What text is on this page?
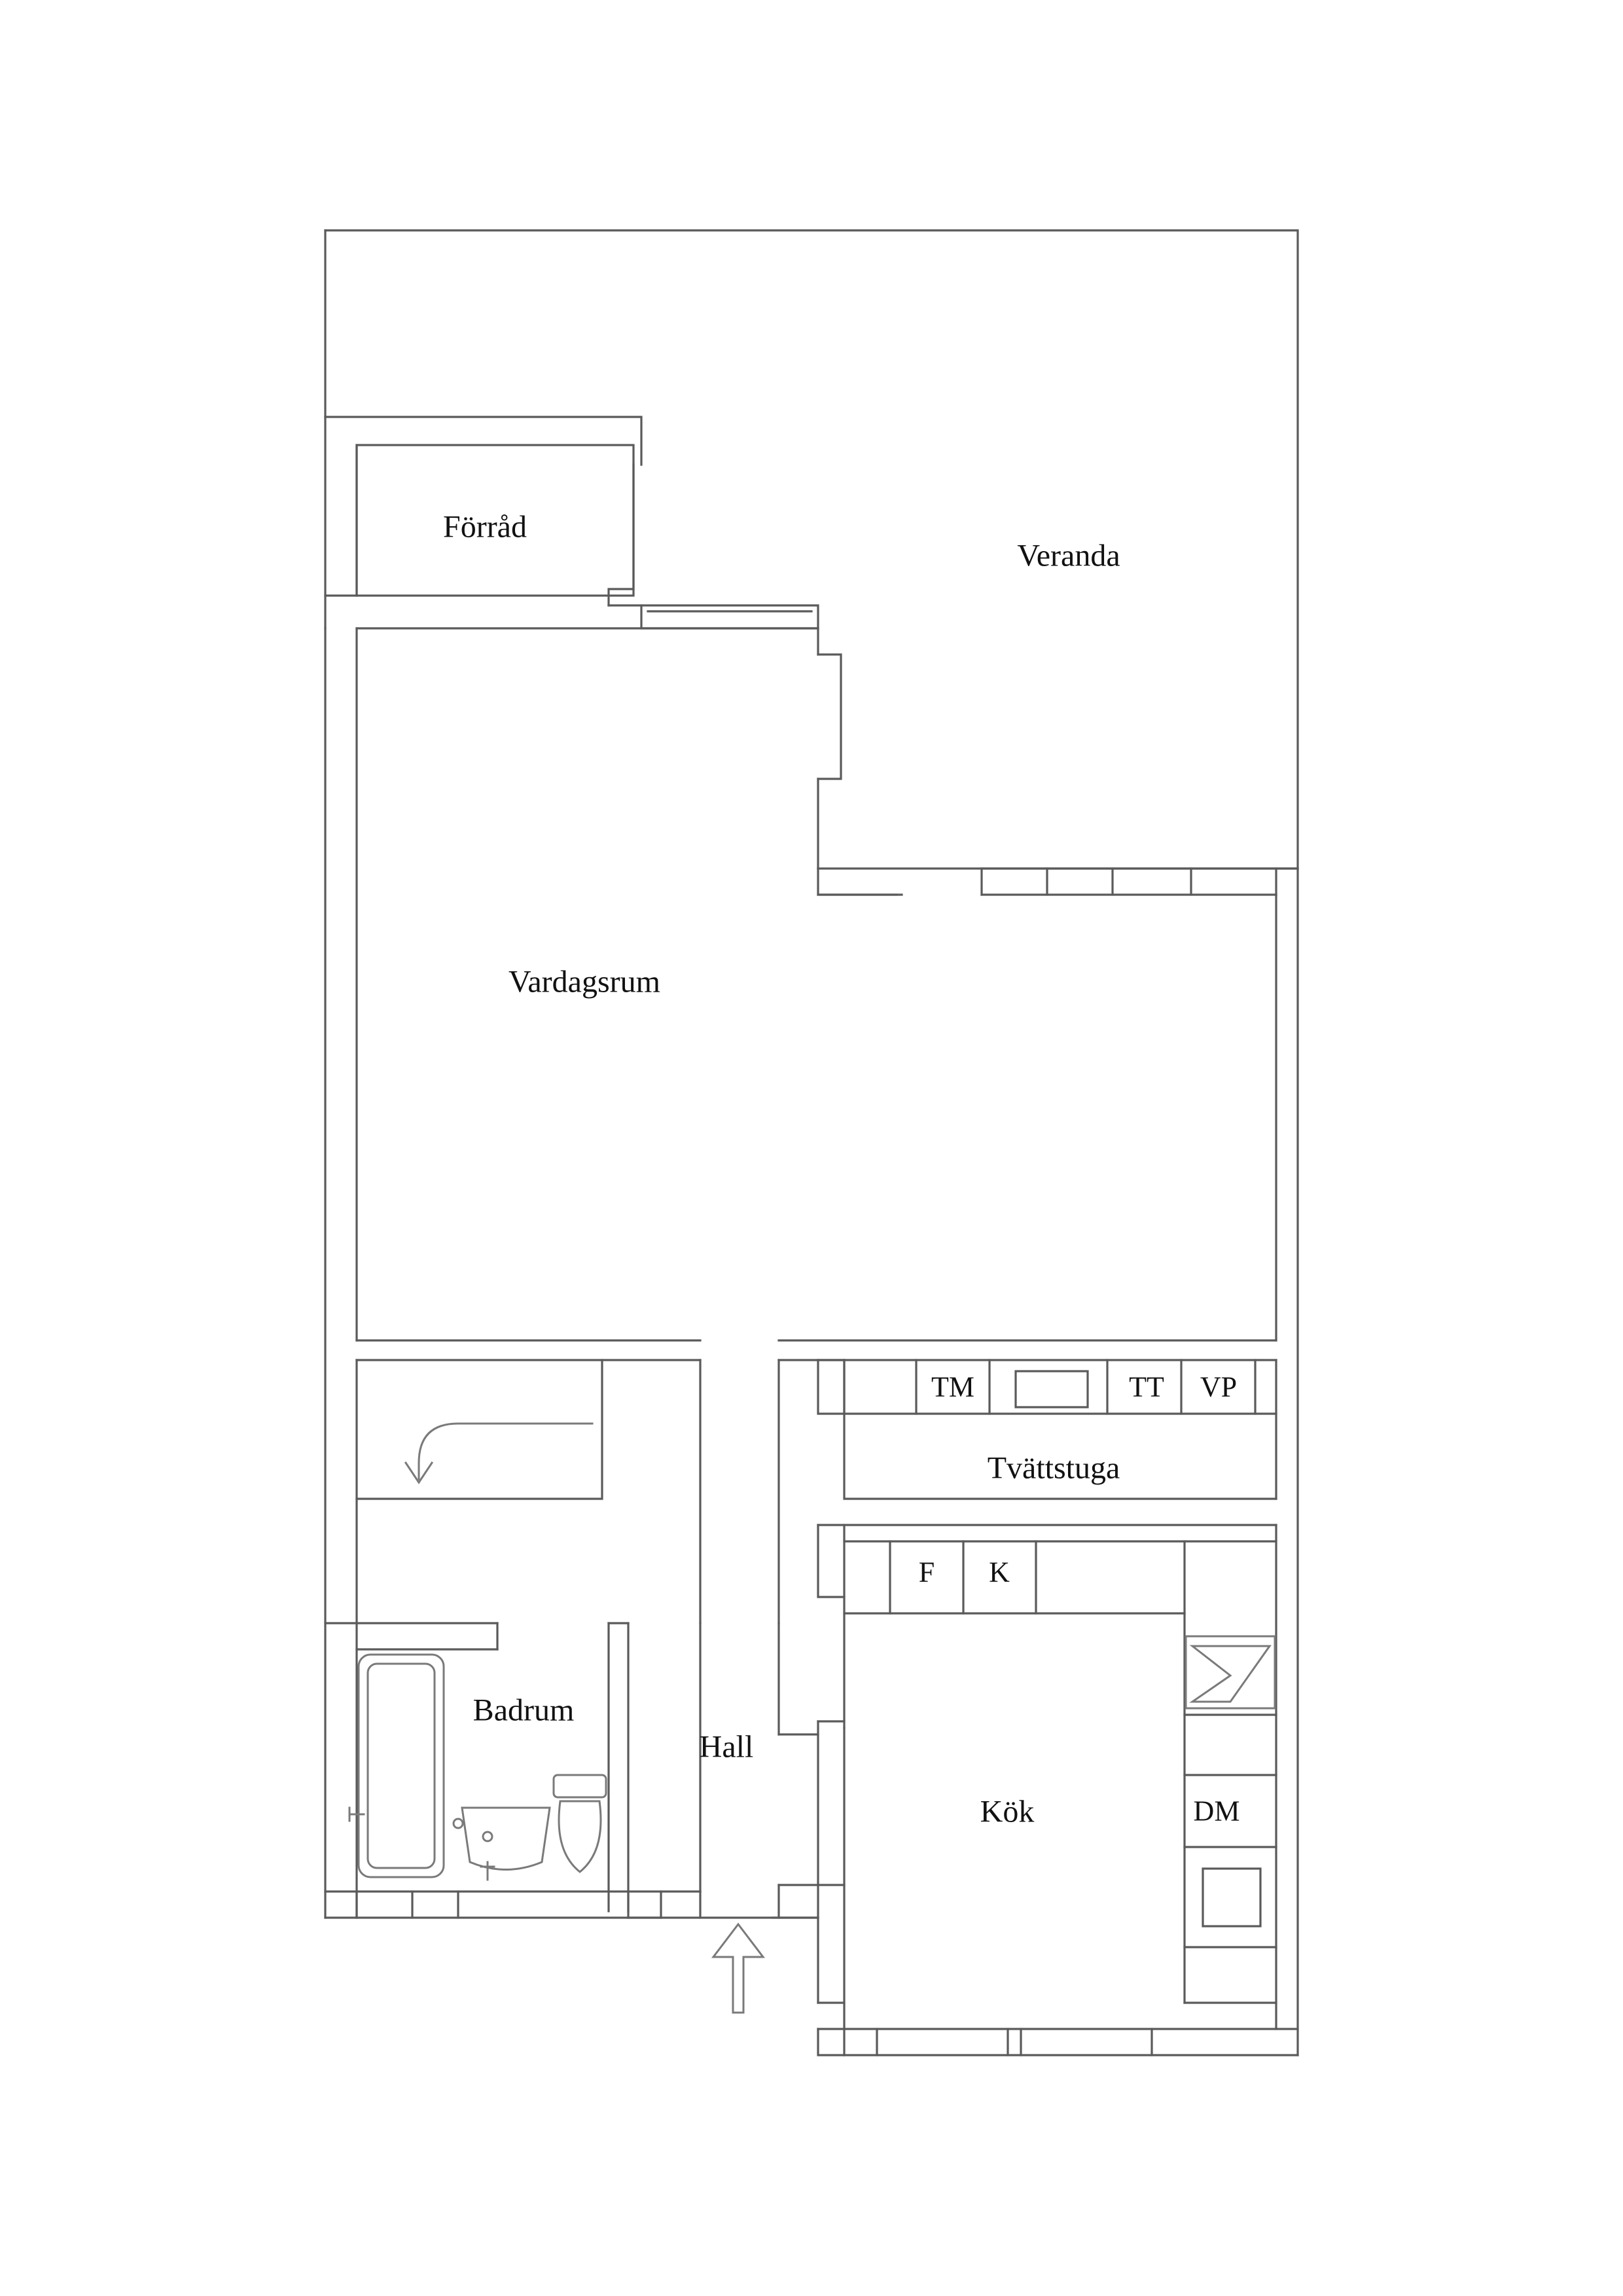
Förråd
Veranda
Vardagsrum
Tvättstuga
Badrum
Hall
Kök
TM	TT VP
F K
DM
